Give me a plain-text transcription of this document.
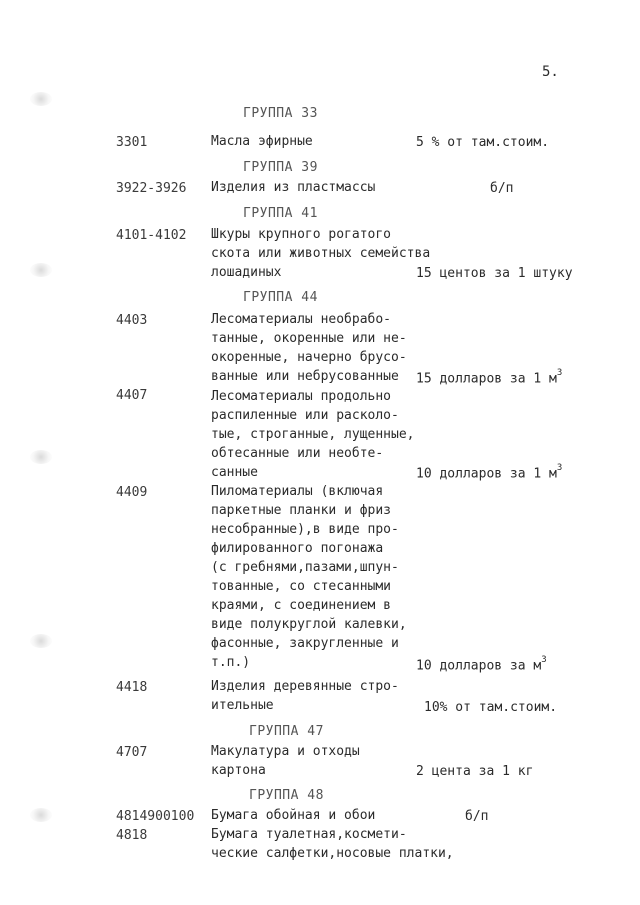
5.
ГРУППА 33
3301	Масла эфирные	5 % от там.стоим.
ГРУППА 39
3922-3926 Изделия из пластмассы	б/п
ГРУППА 41
4101-4102 Шкуры крупного рогатого
скота или животных семейства
лошадиных	15 центов за 1 штуку
ГРУППА 44
4403	Лесоматериалы необрабо-
танные, окоренные или не-
окоренные, начерно брусо-
ванные или небрусованные	15 долларов за 1 $м^3$
4407	Лесоматериалы продольно
распиленные или расколо-
тые, строганные, лущенные,
обтесанные или необте-
санные	10 долларов за 1 $м^3$
4409	Пиломатериалы (включая
паркетные планки и фриз
несобранные),в виде про-
филированного погонажа
(с гребнями,пазами,шпун-
тованные, со стесанными
краями, с соединением в
виде полукруглой калевки,
фасонные, закругленные и
т.п.)	10 долларов за $м^3$
4418	Изделия деревянные стро-
ительные	10% от там.стоим.
ГРУППА 47
4707	Макулатура и отходы
картона	2 цента за 1 кг
ГРУППА 48
4814900100 Бумага обойная и обои	б/п
4818	Бумага туалетная,космети-
ческие салфетки,носовые платки,
